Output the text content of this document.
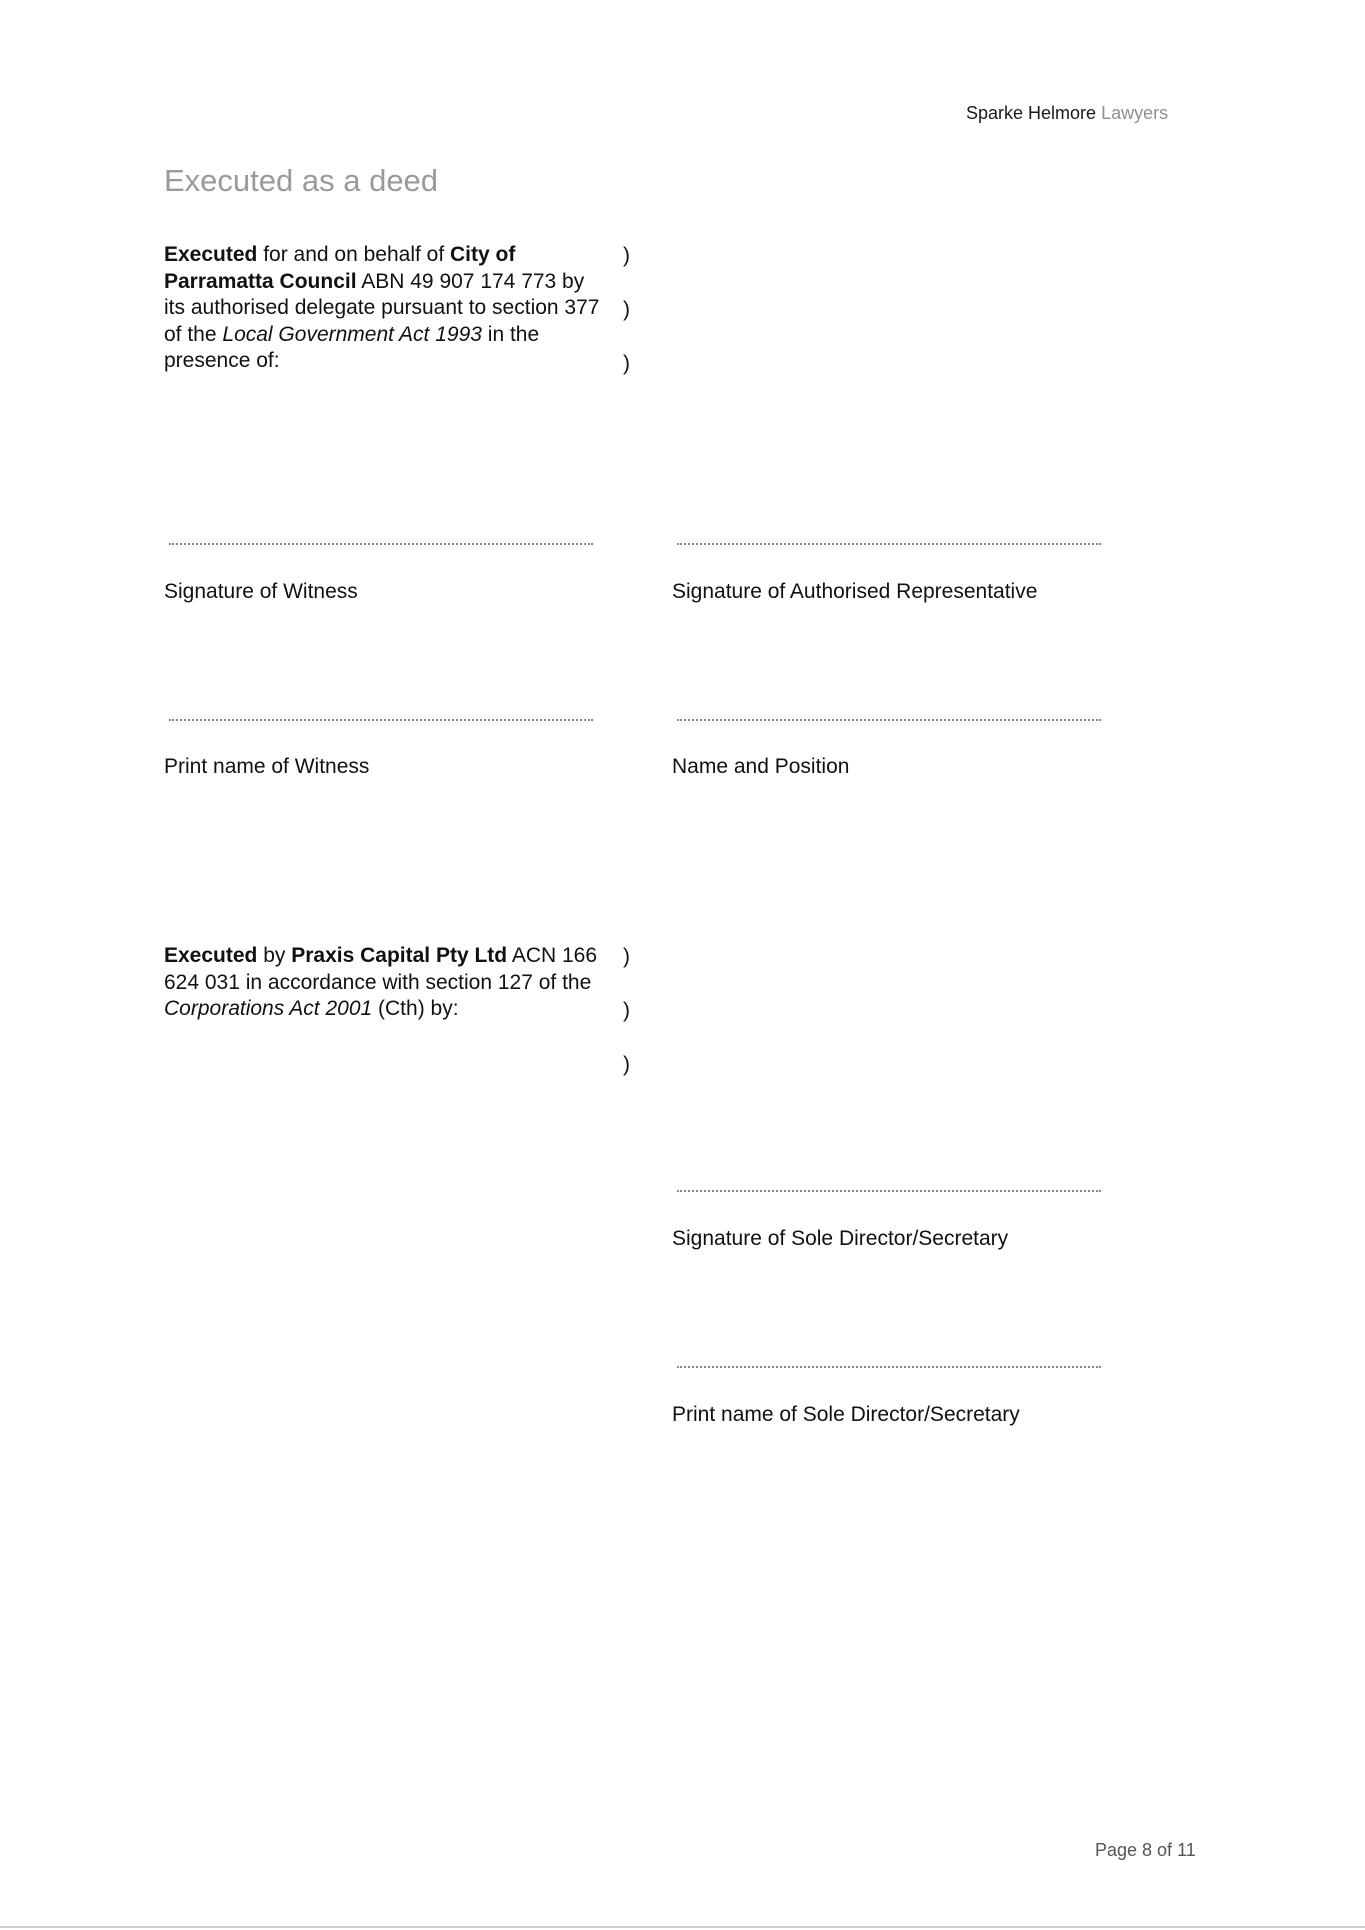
Sparke Helmore Lawyers
Executed as a deed
Executed for and on behalf of City of Parramatta Council ABN 49 907 174 773 by its authorised delegate pursuant to section 377 of the Local Government Act 1993 in the presence of:
)
)
)
Signature of Witness	Signature of Authorised Representative
Print name of Witness	Name and Position
Executed by Praxis Capital Pty Ltd ACN 166 624 031 in accordance with section 127 of the Corporations Act 2001 (Cth) by:
)
)
)
Signature of Sole Director/Secretary
Print name of Sole Director/Secretary
Page 8 of 11
